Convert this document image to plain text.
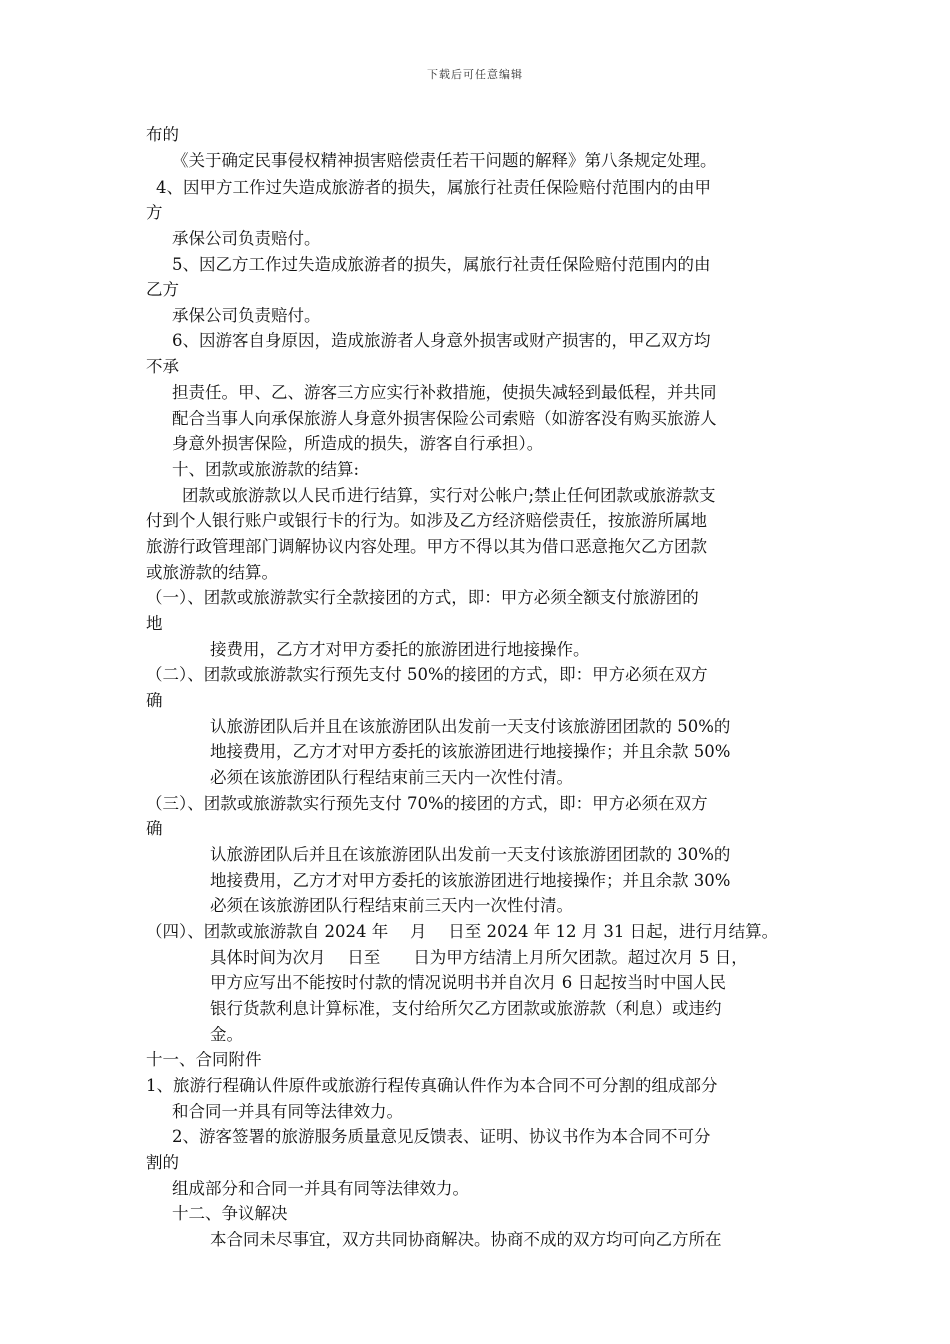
下载后可任意编辑
布的
《关于确定民事侵权精神损害赔偿责任若干问题的解释》第八条规定处理。
4、因甲方工作过失造成旅游者的损失，属旅行社责任保险赔付范围内的由甲
方
承保公司负责赔付。
5、因乙方工作过失造成旅游者的损失，属旅行社责任保险赔付范围内的由
乙方
承保公司负责赔付。
6、因游客自身原因，造成旅游者人身意外损害或财产损害的，甲乙双方均
不承
担责任。甲、乙、游客三方应实行补救措施，使损失减轻到最低程，并共同
配合当事人向承保旅游人身意外损害保险公司索赔（如游客没有购买旅游人
身意外损害保险，所造成的损失，游客自行承担）。
十、团款或旅游款的结算:
团款或旅游款以人民币进行结算，实行对公帐户;禁止任何团款或旅游款支
付到个人银行账户或银行卡的行为。如涉及乙方经济赔偿责任，按旅游所属地
旅游行政管理部门调解协议内容处理。甲方不得以其为借口恶意拖欠乙方团款
或旅游款的结算。
（一）、团款或旅游款实行全款接团的方式，即：甲方必须全额支付旅游团的
地
接费用，乙方才对甲方委托的旅游团进行地接操作。
（二）、团款或旅游款实行预先支付 50%的接团的方式，即：甲方必须在双方
确
认旅游团队后并且在该旅游团队出发前一天支付该旅游团团款的 50%的
地接费用，乙方才对甲方委托的该旅游团进行地接操作；并且余款 50%
必须在该旅游团队行程结束前三天内一次性付清。
（三）、团款或旅游款实行预先支付 70%的接团的方式，即：甲方必须在双方
确
认旅游团队后并且在该旅游团队出发前一天支付该旅游团团款的 30%的
地接费用，乙方才对甲方委托的该旅游团进行地接操作；并且余款 30%
必须在该旅游团队行程结束前三天内一次性付清。
（四）、团款或旅游款自 2024 年　 月　 日至 2024 年 12 月 31 日起，进行月结算。
具体时间为次月　 日至　　日为甲方结清上月所欠团款。超过次月 5 日，
甲方应写出不能按时付款的情况说明书并自次月 6 日起按当时中国人民
银行货款利息计算标准，支付给所欠乙方团款或旅游款（利息）或违约
金。
十一、合同附件
1、旅游行程确认件原件或旅游行程传真确认件作为本合同不可分割的组成部分
和合同一并具有同等法律效力。
2、游客签署的旅游服务质量意见反馈表、证明、协议书作为本合同不可分
割的
组成部分和合同一并具有同等法律效力。
十二、争议解决
本合同未尽事宜，双方共同协商解决。协商不成的双方均可向乙方所在
